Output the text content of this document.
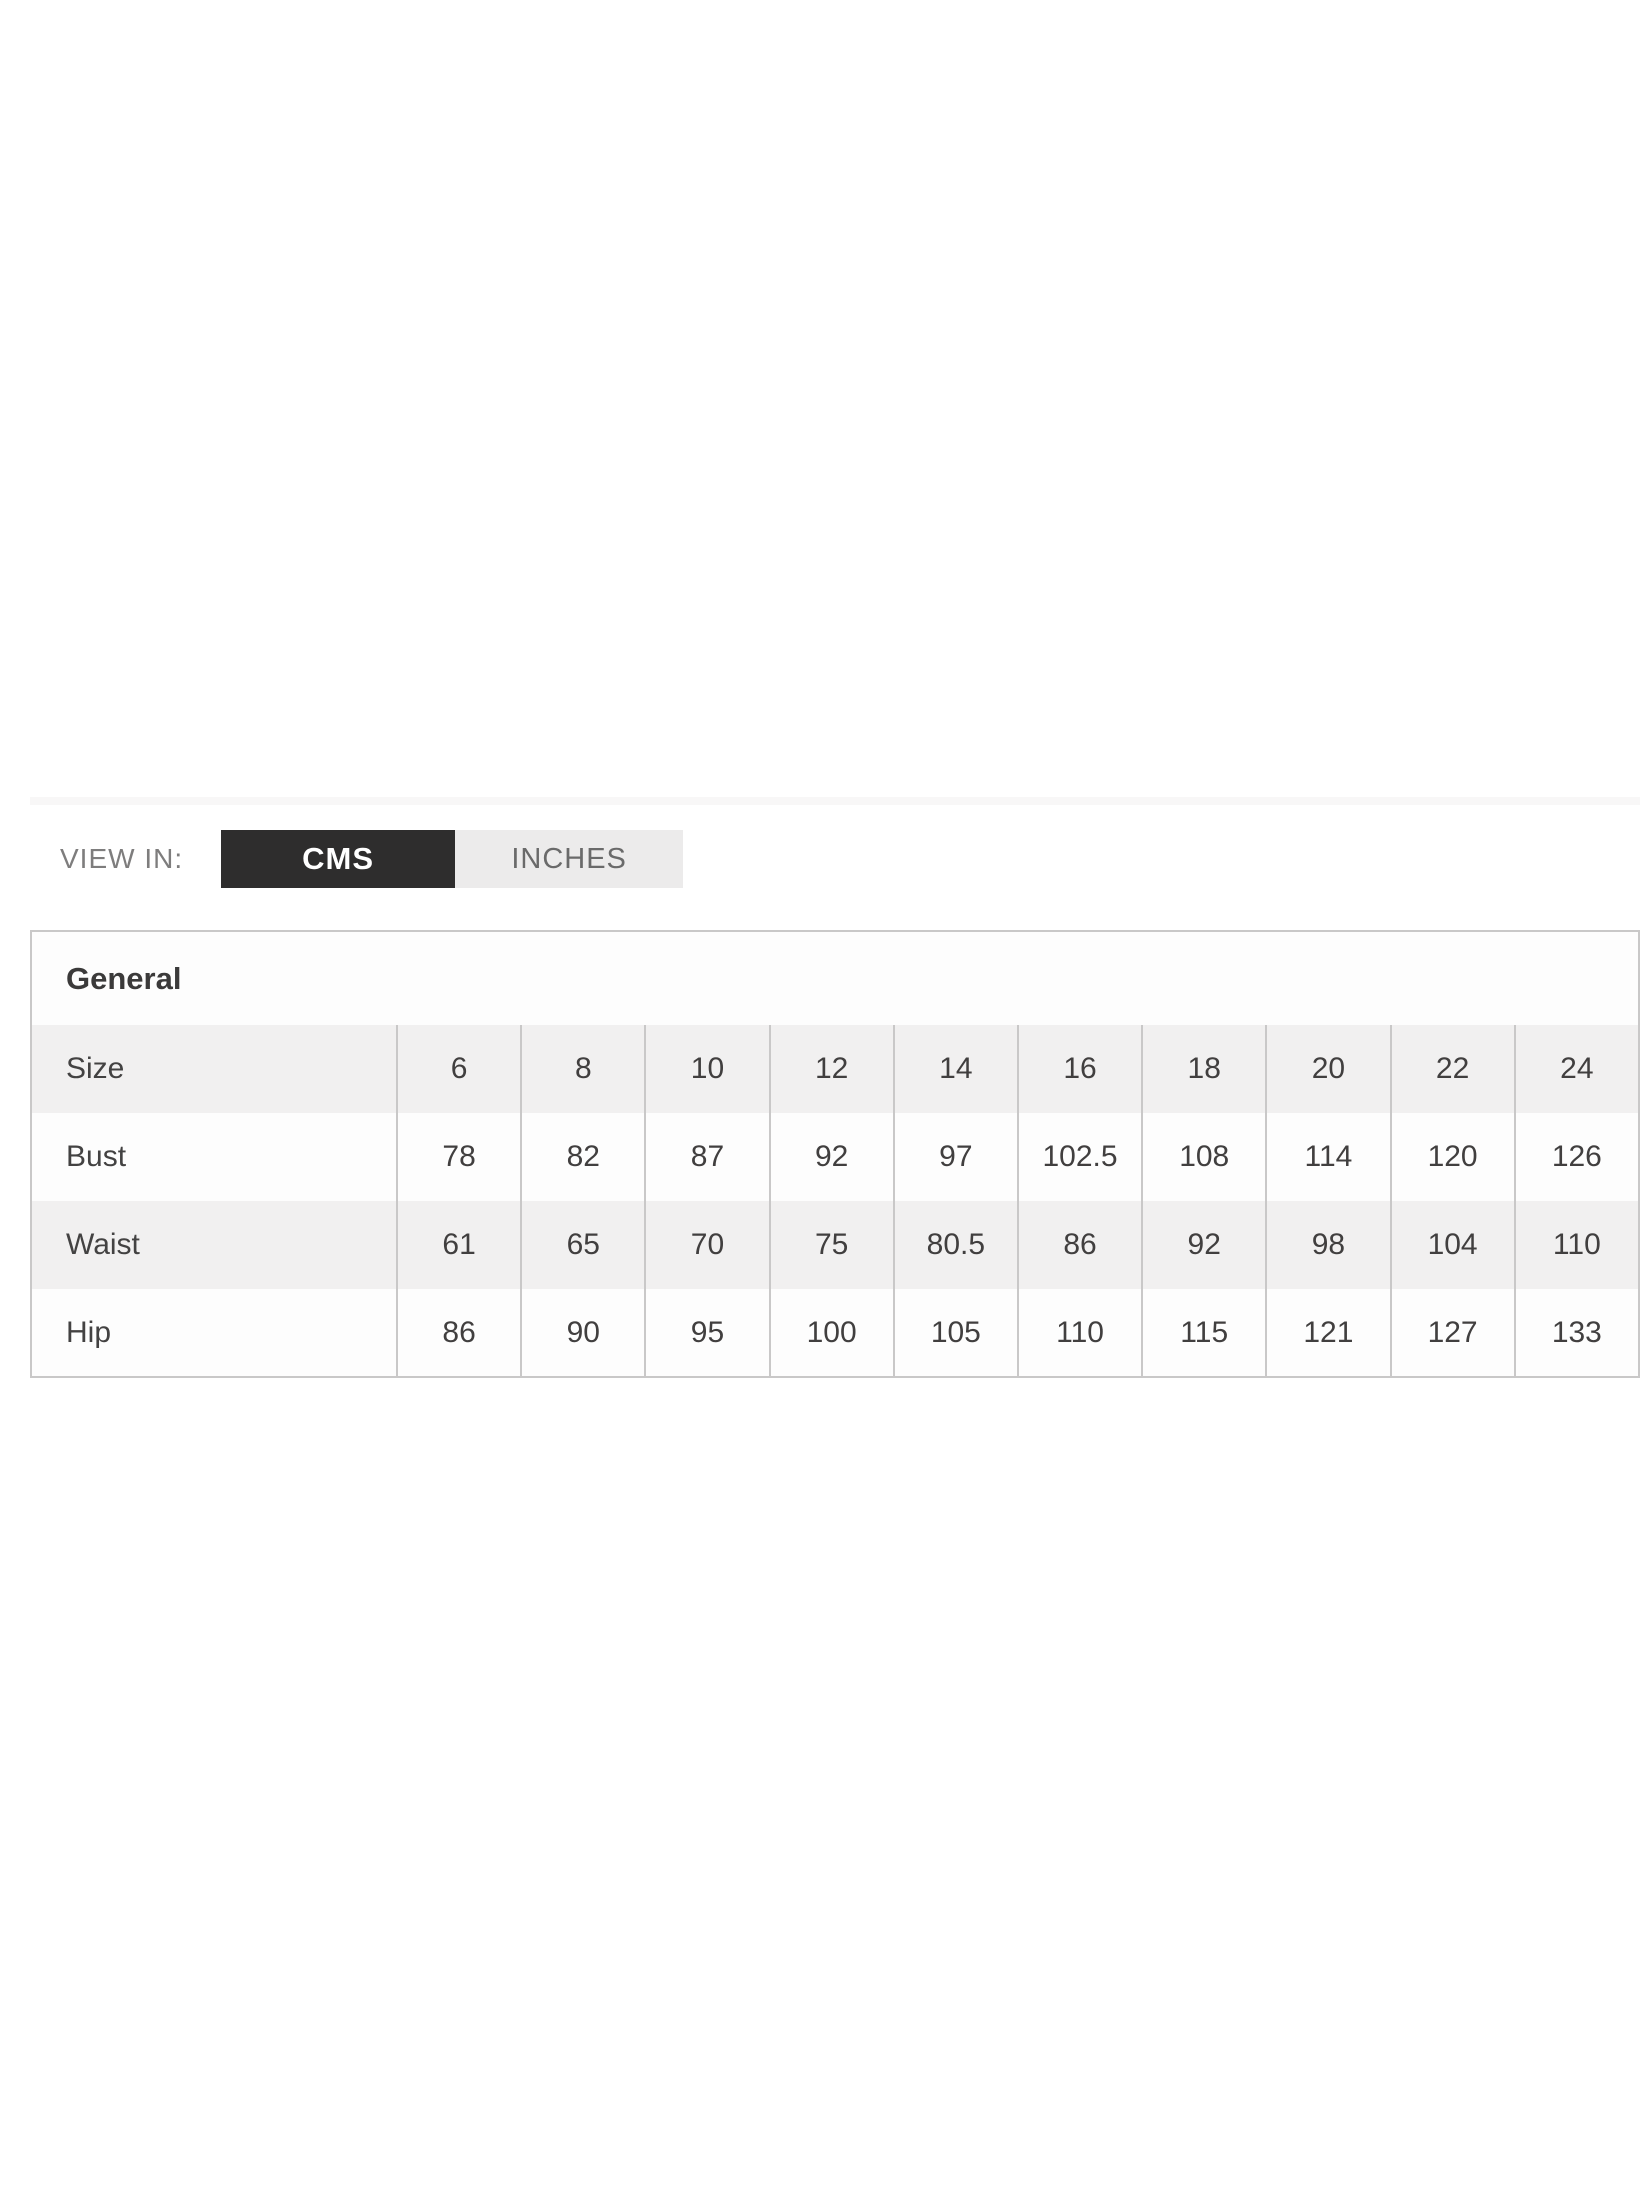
VIEW IN:	CMS	INCHES
General										
Size	6	8	10	12	14	16	18	20	22	24
Bust	78	82	87	92	97	102.5	108	114	120	126
Waist	61	65	70	75	80.5	86	92	98	104	110
Hip	86	90	95	100	105	110	115	121	127	133
